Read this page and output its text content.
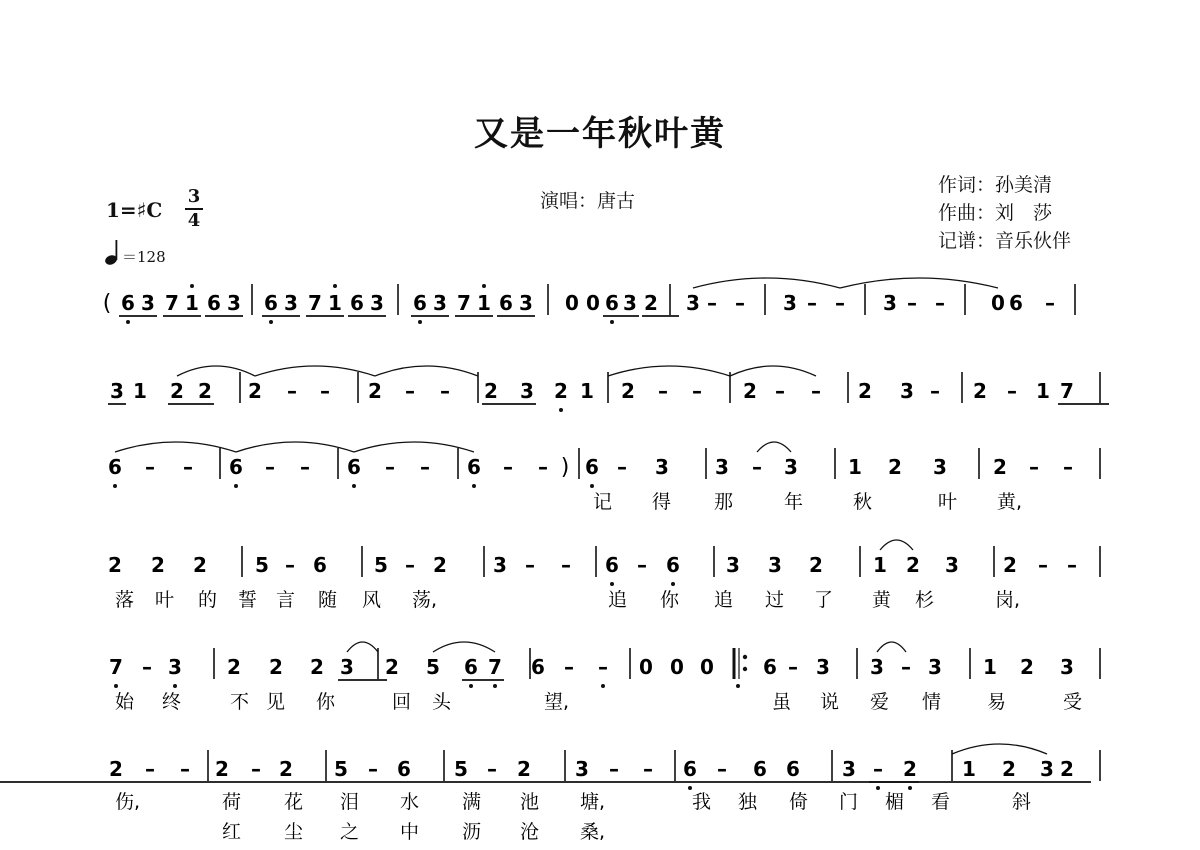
又是一年秋叶黄
演唱：唐古
作词：孙美清
作曲：刘　莎
记谱：音乐伙伴
1=♯C
3
4
＝128
( 6 3 7 1 6 3 6 3 7 1 6 3 6 3 7 1 6 3 0 0 6 3 2 3 – – 3 – – 3 – – 0 6 –
3 1 2 2 2 – – 2 – – 2 3 2 1 2 – – 2 – – 2 3 – 2 – 1 7
6 – – 6 – – 6 – – 6 – – ) 6 – 3 3 – 3	1 2 3 2 – –
2 2 2 5 – 6 5 – 2 3 – – 6 – 6 3 3 2	1 2 3 2 – –
7 – 3 2 2 2 3 2 5 6 7 6 – – 0 0 0 6 – 3 3 – 3 1 2 3
2 – – 2 – 2 5 – 6 5 – 2 3 – – 6 – 6 6 3 – 2 1 2 3 2
记 得 那	年	秋	叶 黄,
落 叶 的 誓 言 随 风 荡,	追 你 追 过 了 黄 杉	岗,
始 终	不 见 你	回 头	望,	虽 说 爱 情 易	受
伤,	荷 花 泪 水 满 池 塘,	我 独 倚 门 楣 看	斜
红 尘 之 中 沥 沧 桑,
